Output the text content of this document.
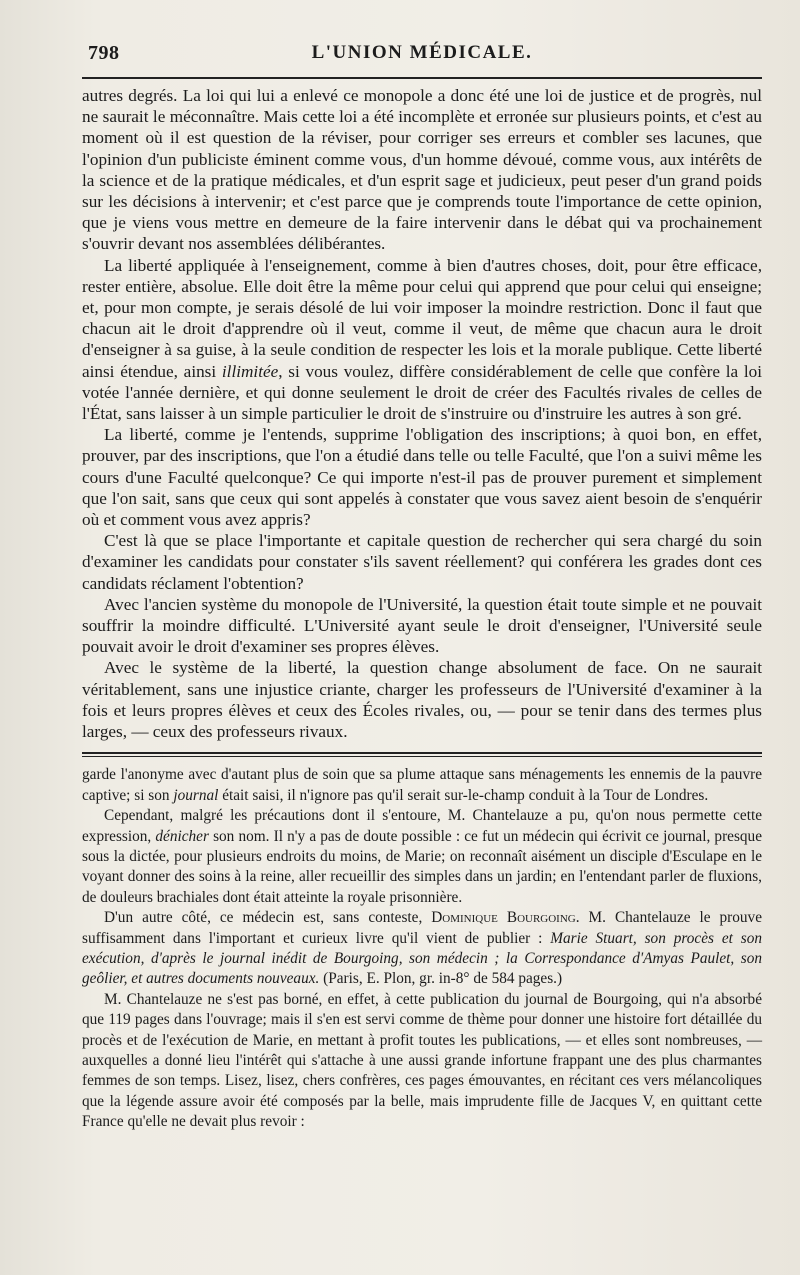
798	L'UNION MÉDICALE.

autres degrés. La loi qui lui a enlevé ce monopole a donc été une loi de justice et de progrès, nul ne saurait le méconnaître. Mais cette loi a été incomplète et erronée sur plusieurs points, et c'est au moment où il est question de la réviser, pour corriger ses erreurs et combler ses lacunes, que l'opinion d'un publiciste éminent comme vous, d'un homme dévoué, comme vous, aux intérêts de la science et de la pratique médicales, et d'un esprit sage et judicieux, peut peser d'un grand poids sur les décisions à intervenir; et c'est parce que je comprends toute l'importance de cette opinion, que je viens vous mettre en demeure de la faire intervenir dans le débat qui va prochainement s'ouvrir devant nos assemblées délibérantes.

La liberté appliquée à l'enseignement, comme à bien d'autres choses, doit, pour être efficace, rester entière, absolue. Elle doit être la même pour celui qui apprend que pour celui qui enseigne; et, pour mon compte, je serais désolé de lui voir imposer la moindre restriction. Donc il faut que chacun ait le droit d'apprendre où il veut, comme il veut, de même que chacun aura le droit d'enseigner à sa guise, à la seule condition de respecter les lois et la morale publique. Cette liberté ainsi étendue, ainsi illimitée, si vous voulez, diffère considérablement de celle que confère la loi votée l'année dernière, et qui donne seulement le droit de créer des Facultés rivales de celles de l'État, sans laisser à un simple particulier le droit de s'instruire ou d'instruire les autres à son gré.

La liberté, comme je l'entends, supprime l'obligation des inscriptions; à quoi bon, en effet, prouver, par des inscriptions, que l'on a étudié dans telle ou telle Faculté, que l'on a suivi même les cours d'une Faculté quelconque? Ce qui importe n'est-il pas de prouver purement et simplement que l'on sait, sans que ceux qui sont appelés à constater que vous savez aient besoin de s'enquérir où et comment vous avez appris?

C'est là que se place l'importante et capitale question de rechercher qui sera chargé du soin d'examiner les candidats pour constater s'ils savent réellement? qui conférera les grades dont ces candidats réclament l'obtention?

Avec l'ancien système du monopole de l'Université, la question était toute simple et ne pouvait souffrir la moindre difficulté. L'Université ayant seule le droit d'enseigner, l'Université seule pouvait avoir le droit d'examiner ses propres élèves.

Avec le système de la liberté, la question change absolument de face. On ne saurait véritablement, sans une injustice criante, charger les professeurs de l'Université d'examiner à la fois et leurs propres élèves et ceux des Écoles rivales, ou, — pour se tenir dans des termes plus larges, — ceux des professeurs rivaux.

garde l'anonyme avec d'autant plus de soin que sa plume attaque sans ménagements les ennemis de la pauvre captive; si son journal était saisi, il n'ignore pas qu'il serait sur-le-champ conduit à la Tour de Londres.

Cependant, malgré les précautions dont il s'entoure, M. Chantelauze a pu, qu'on nous permette cette expression, dénicher son nom. Il n'y a pas de doute possible : ce fut un médecin qui écrivit ce journal, presque sous la dictée, pour plusieurs endroits du moins, de Marie; on reconnaît aisément un disciple d'Esculape en le voyant donner des soins à la reine, aller recueillir des simples dans un jardin; en l'entendant parler de fluxions, de douleurs brachiales dont était atteinte la royale prisonnière.

D'un autre côté, ce médecin est, sans conteste, Dominique Bourgoing. M. Chantelauze le prouve suffisamment dans l'important et curieux livre qu'il vient de publier : Marie Stuart, son procès et son exécution, d'après le journal inédit de Bourgoing, son médecin ; la Correspondance d'Amyas Paulet, son geôlier, et autres documents nouveaux. (Paris, E. Plon, gr. in-8° de 584 pages.)

M. Chantelauze ne s'est pas borné, en effet, à cette publication du journal de Bourgoing, qui n'a absorbé que 119 pages dans l'ouvrage; mais il s'en est servi comme de thème pour donner une histoire fort détaillée du procès et de l'exécution de Marie, en mettant à profit toutes les publications, — et elles sont nombreuses, — auxquelles a donné lieu l'intérêt qui s'attache à une aussi grande infortune frappant une des plus charmantes femmes de son temps. Lisez, lisez, chers confrères, ces pages émouvantes, en récitant ces vers mélancoliques que la légende assure avoir été composés par la belle, mais imprudente fille de Jacques V, en quittant cette France qu'elle ne devait plus revoir :
